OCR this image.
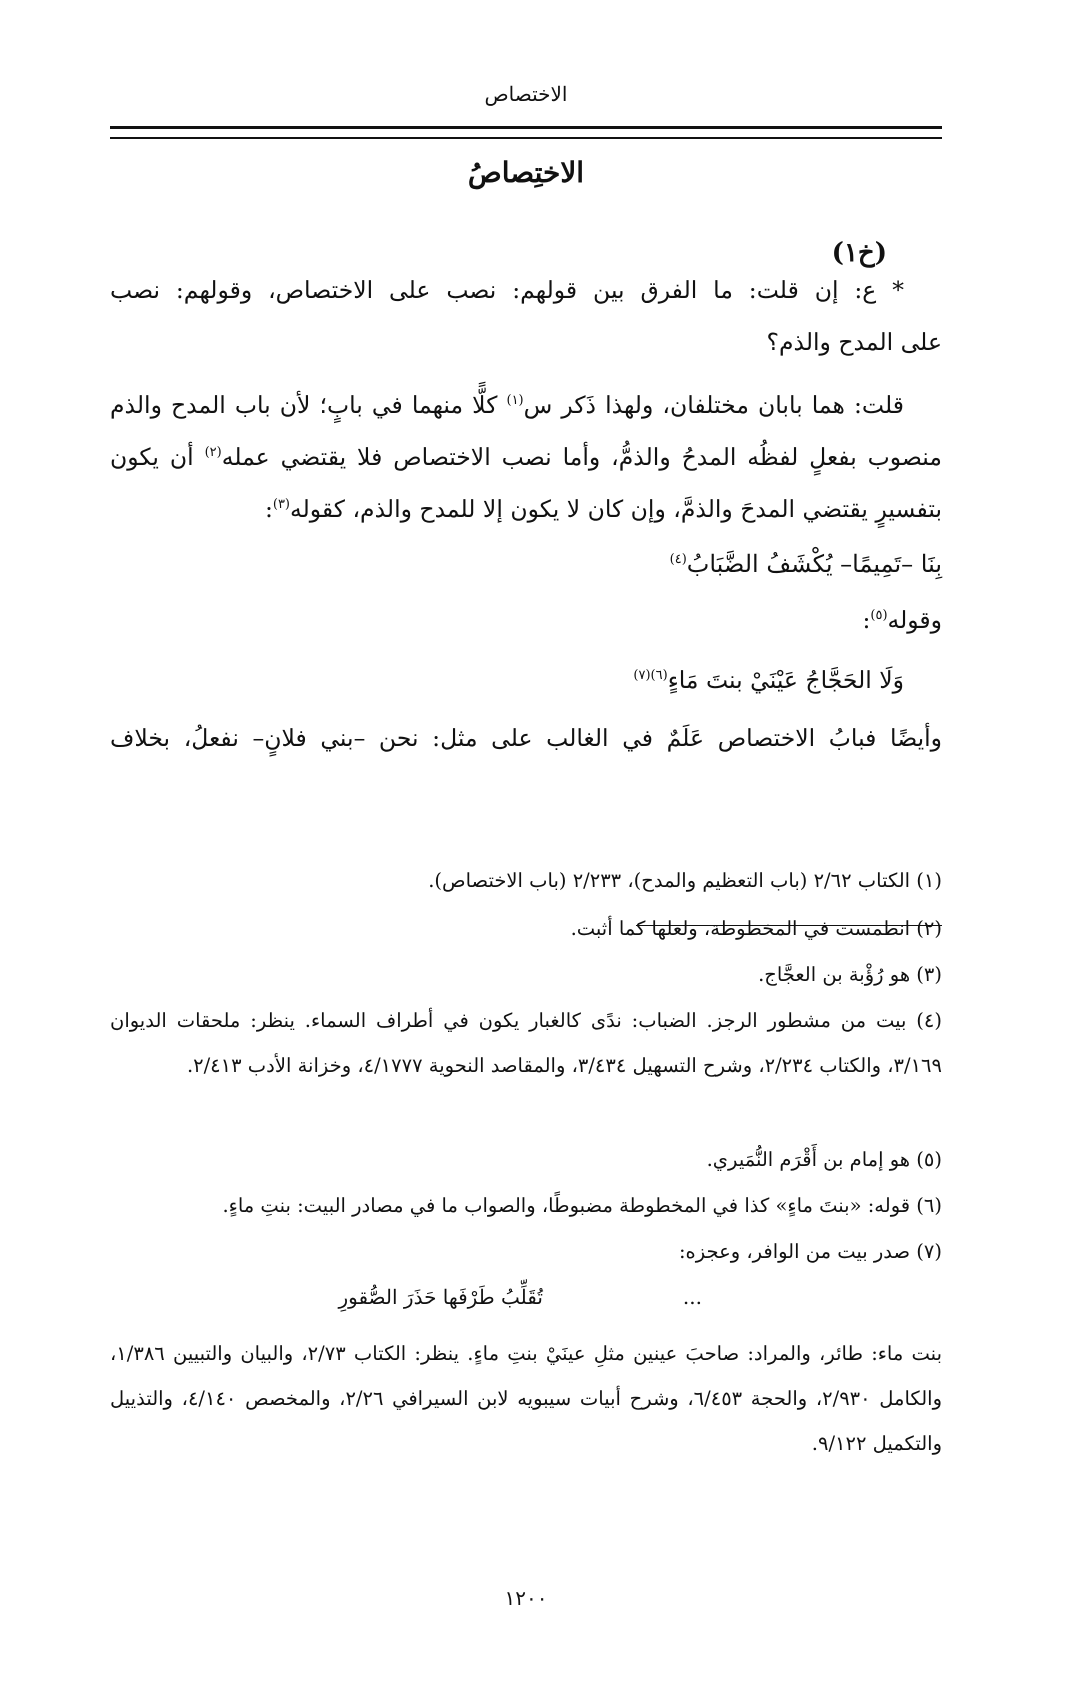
الاختصاص
الاختِصاصُ
(خ١)

* ع: إن قلت: ما الفرق بين قولهم: نصب على الاختصاص، وقولهم: نصب

على المدح والذم؟

قلت: هما بابان مختلفان، ولهذا ذَكر س$^{(١)}$ كلًّا منهما في بابٍ؛ لأن باب المدح والذم منصوب بفعلٍ لفظُه المدحُ والذمُّ، وأما نصب الاختصاص فلا يقتضي عمله$^{(٢)}$ أن يكون بتفسيرٍ يقتضي المدحَ والذمَّ، وإن كان لا يكون إلا للمدح والذم، كقوله$^{(٣)}$:

بِنَا –تَمِيمًا– يُكْشَفُ الضَّبَابُ$^{(٤)}$
وقوله$^{(٥)}$:
وَلَا الحَجَّاجُ عَيْنَيْ بنتَ مَاءٍ$^{(٦)(٧)}$
وأيضًا فبابُ الاختصاص عَلَمٌ في الغالب على مثل: نحن –بني فلانٍ– نفعلُ، بخلاف
(١) الكتاب ٢/٦٢ (باب التعظيم والمدح)، ٢/٢٣٣ (باب الاختصاص).
(٢) انطمست في المخطوطة، ولعلها كما أثبت.
(٣) هو رُؤْبة بن العجَّاج.
(٤) بيت من مشطور الرجز. الضباب: ندًى كالغبار يكون في أطراف السماء. ينظر: ملحقات الديوان ٣/١٦٩، والكتاب ٢/٢٣٤، وشرح التسهيل ٣/٤٣٤، والمقاصد النحوية ٤/١٧٧٧، وخزانة الأدب ٢/٤١٣.
(٥) هو إمام بن أَقْرَم النُّمَيري.
(٦) قوله: «بنتَ ماءٍ» كذا في المخطوطة مضبوطًا، والصواب ما في مصادر البيت: بنتِ ماءٍ.
(٧) صدر بيت من الوافر، وعجزه:
...تُقَلِّبُ طَرْفَها حَذَرَ الصُّقورِ
بنت ماء: طائر، والمراد: صاحبَ عينين مثلِ عينَيْ بنتِ ماءٍ. ينظر: الكتاب ٢/٧٣، والبيان والتبيين ١/٣٨٦، والكامل ٢/٩٣٠، والحجة ٦/٤٥٣، وشرح أبيات سيبويه لابن السيرافي ٢/٢٦، والمخصص ٤/١٤٠، والتذييل والتكميل ٩/١٢٢.
١٢٠٠
